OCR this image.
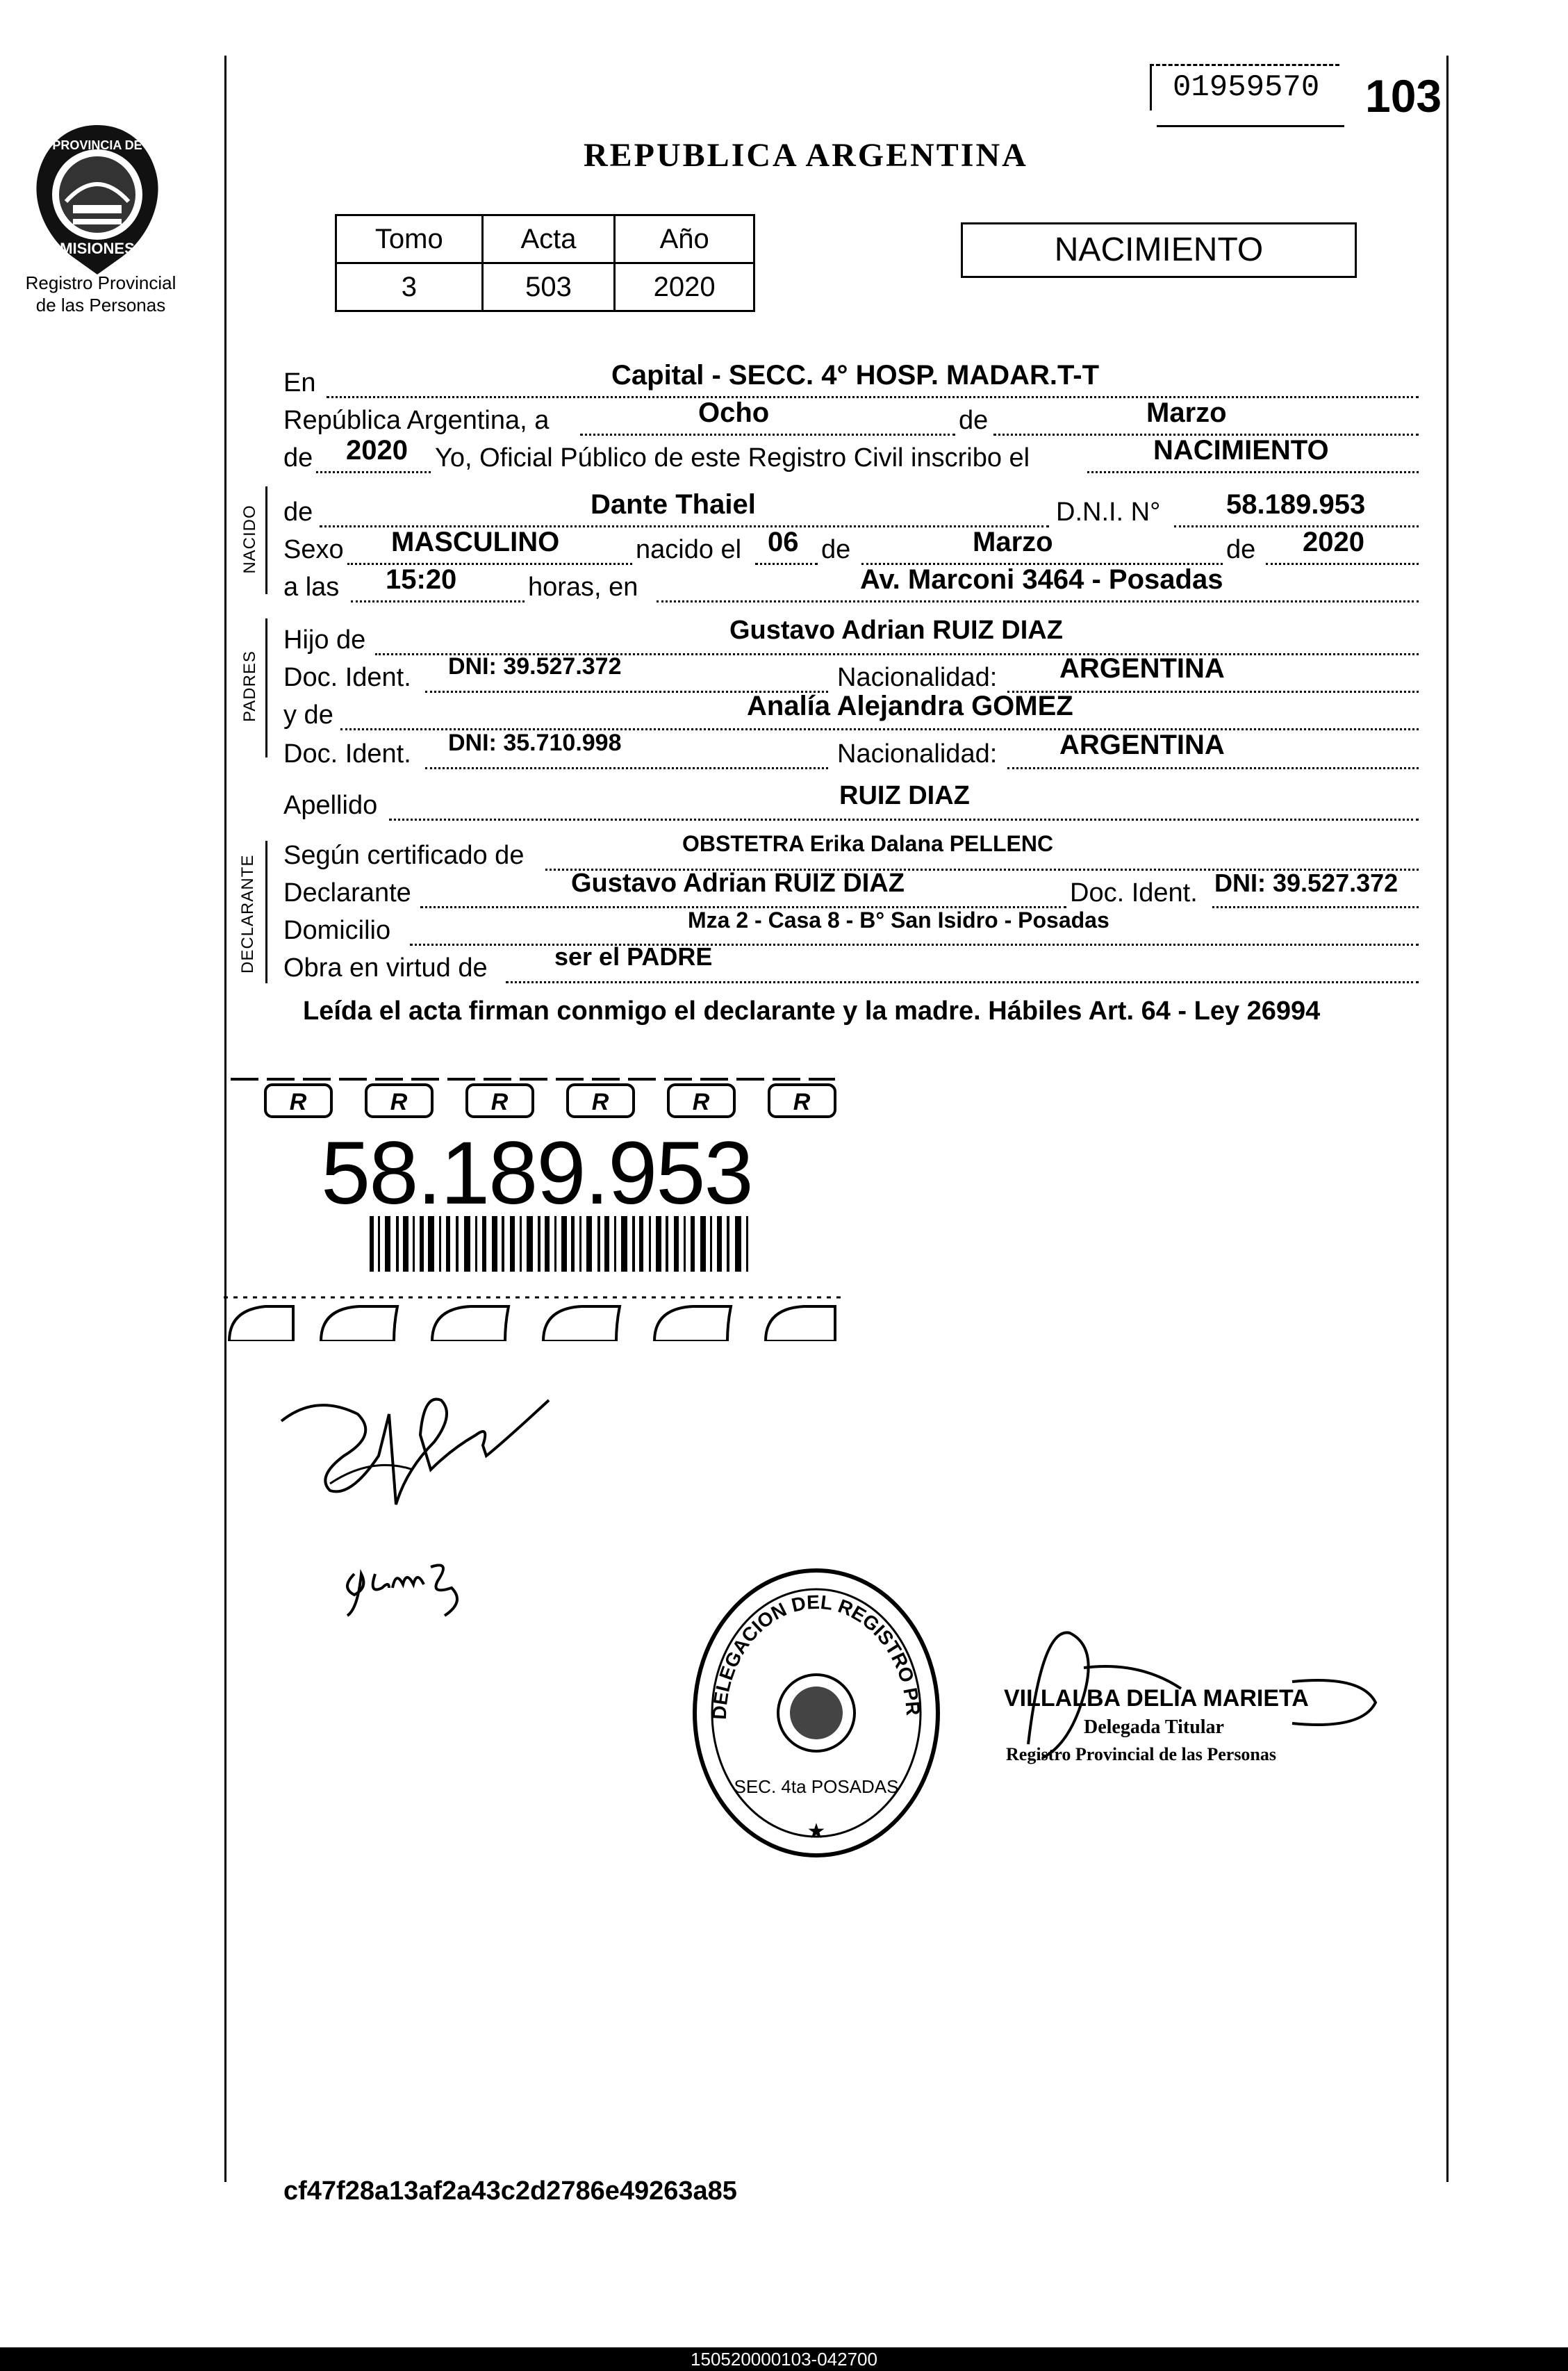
PROVINCIA DE
MISIONES
Registro Provincial
de las Personas
01959570 103
REPUBLICA ARGENTINA
Tomo	Acta	Año
3	503	2020
NACIMIENTO
En	Capital - SECC. 4° HOSP. MADAR.T-T
República Argentina, a	Ocho	de	Marzo
de 2020 Yo, Oficial Público de este Registro Civil inscribo el	NACIMIENTO
NACIDO de	Dante Thaiel	D.N.I. N° 58.189.953
Sexo MASCULINO	nacido el 06 de	Marzo	de 2020
a las 15:20	horas, en	Av. Marconi 3464 - Posadas
PADRES
Hijo de	Gustavo Adrian RUIZ DIAZ
Doc. Ident. DNI: 39.527.372	Nacionalidad: ARGENTINA
y de	Analía Alejandra GOMEZ
Doc. Ident. DNI: 35.710.998	Nacionalidad: ARGENTINA
Apellido	RUIZ DIAZ
DECLARANTE Según certificado de	OBSTETRA Erika Dalana PELLENC
Declarante	Gustavo Adrian RUIZ DIAZ	Doc. Ident. DNI: 39.527.372
Domicilio	Mza 2 - Casa 8 - B° San Isidro - Posadas
Obra en virtud de	ser el PADRE
Leída el acta firman conmigo el declarante y la madre. Hábiles Art. 64 - Ley 26994
R	R	R	R	R	R
58.189.953
DELEGACION DEL REGISTRO PR
SEC. 4ta POSADAS
★
VILLALBA DELIA MARIETA
Delegada Titular
Registro Provincial de las Personas
cf47f28a13af2a43c2d2786e49263a85
150520000103-042700
